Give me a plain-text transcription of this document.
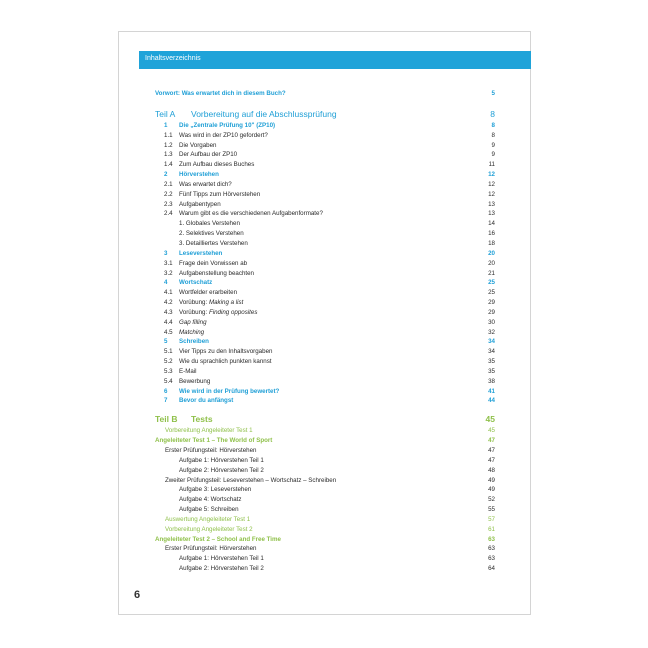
Inhaltsverzeichnis
Vorwort: Was erwartet dich in diesem Buch?	5
Teil A Vorbereitung auf die Abschlussprüfung	8
1 Die „Zentrale Prüfung 10" (ZP10)	8
1.1 Was wird in der ZP10 gefordert?	8
1.2 Die Vorgaben	9
1.3 Der Aufbau der ZP10	9
1.4 Zum Aufbau dieses Buches	11
2 Hörverstehen	12
2.1 Was erwartet dich?	12
2.2 Fünf Tipps zum Hörverstehen	12
2.3 Aufgabentypen	13
2.4 Warum gibt es die verschiedenen Aufgabenformate?	13
1. Globales Verstehen	14
2. Selektives Verstehen	16
3. Detailliertes Verstehen	18
3 Leseverstehen	20
3.1 Frage dein Vorwissen ab	20
3.2 Aufgabenstellung beachten	21
4 Wortschatz	25
4.1 Wortfelder erarbeiten	25
4.2 Vorübung: Making a list	29
4.3 Vorübung: Finding opposites	29
4.4 Gap filling	30
4.5 Matching	32
5 Schreiben	34
5.1 Vier Tipps zu den Inhaltsvorgaben	34
5.2 Wie du sprachlich punkten kannst	35
5.3 E-Mail	35
5.4 Bewerbung	38
6 Wie wird in der Prüfung bewertet?	41
7 Bevor du anfängst	44
Teil B Tests	45
Vorbereitung Angeleiteter Test 1	45
Angeleiteter Test 1 – The World of Sport	47
Erster Prüfungsteil: Hörverstehen	47
Aufgabe 1: Hörverstehen Teil 1	47
Aufgabe 2: Hörverstehen Teil 2	48
Zweiter Prüfungsteil: Leseverstehen – Wortschatz – Schreiben	49
Aufgabe 3: Leseverstehen	49
Aufgabe 4: Wortschatz	52
Aufgabe 5: Schreiben	55
Auswertung Angeleiteter Test 1	57
Vorbereitung Angeleiteter Test 2	61
Angeleiteter Test 2 – School and Free Time	63
Erster Prüfungsteil: Hörverstehen	63
Aufgabe 1: Hörverstehen Teil 1	63
Aufgabe 2: Hörverstehen Teil 2	64
6
